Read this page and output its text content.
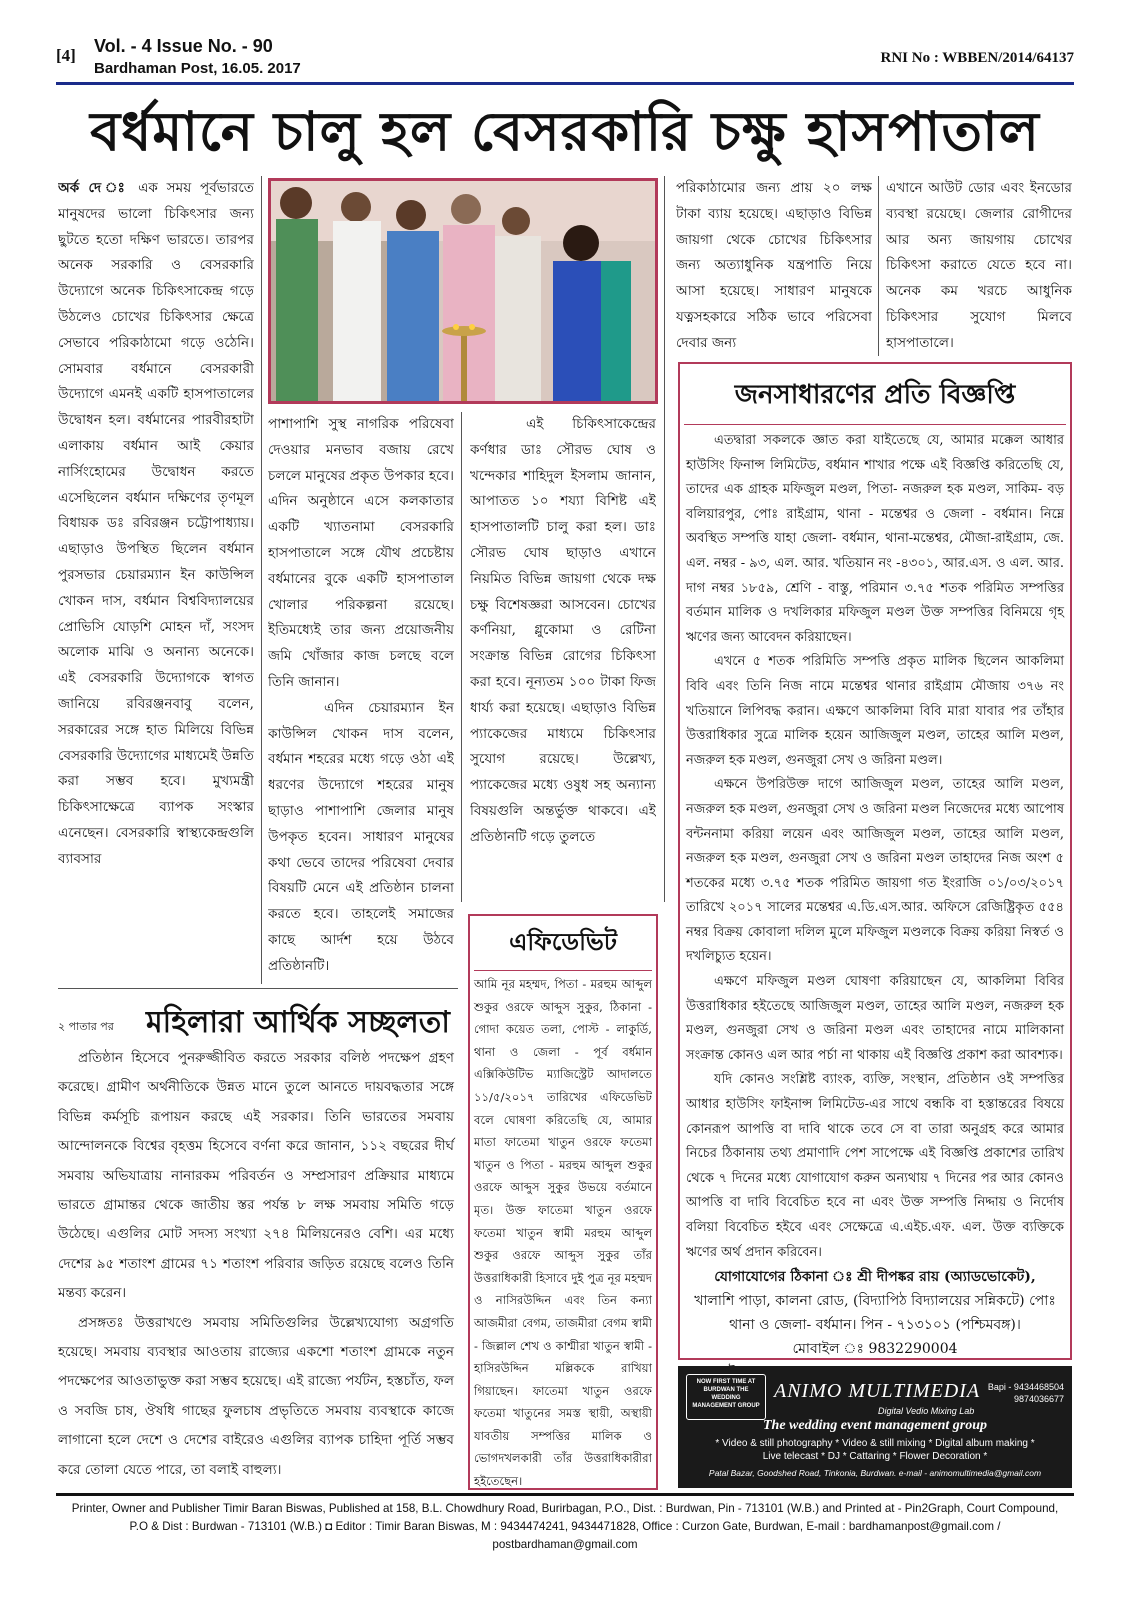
[4] Vol. - 4 Issue No. - 90
Bardhaman Post, 16.05. 2017
RNI No : WBBEN/2014/64137
বর্ধমানে চালু হল বেসরকারি চক্ষু হাসপাতাল

অর্ক দে ঃ এক সময় পূর্বভারতে মানুষদের ভালো চিকিৎসার জন্য ছুটতে হতো দক্ষিণ ভারতে। তারপর অনেক সরকারি ও বেসরকারি উদ্যোগে অনেক চিকিৎসাকেন্দ্র গড়ে উঠলেও চোখের চিকিৎসার ক্ষেত্রে সেভাবে পরিকাঠামো গড়ে ওঠেনি। সোমবার বর্ধমানে বেসরকারী উদ্যোগে এমনই একটি হাসপাতালের উদ্বোধন হল। বর্ধমানের পারবীরহাটা এলাকায় বর্ধমান আই কেয়ার নার্সিংহোমের উদ্বোধন করতে এসেছিলেন বর্ধমান দক্ষিণের তৃণমূল বিধায়ক ডঃ রবিরঞ্জন চট্টোপাধ্যায়। এছাড়াও উপস্থিত ছিলেন বর্ধমান পুরসভার চেয়ারম্যান ইন কাউন্সিল খোকন দাস, বর্ধমান বিশ্ববিদ্যালয়ের প্রোভিসি যোড়শি মোহন দাঁ, সংসদ অলোক মাঝি ও অনান্য অনেকে। এই বেসরকারি উদ্যোগকে স্বাগত জানিয়ে রবিরঞ্জনবাবু বলেন, সরকারের সঙ্গে হাত মিলিয়ে বিভিন্ন বেসরকারি উদ্যোগের মাধ্যমেই উন্নতি করা সম্ভব হবে। মুখ্যমন্ত্রী চিকিৎসাক্ষেত্রে ব্যাপক সংস্কার এনেছেন। বেসরকারি স্বাস্থ্যকেন্দ্রগুলি ব্যাবসার

পাশাপাশি সুস্থ নাগরিক পরিষেবা দেওয়ার মনভাব বজায় রেখে চললে মানুষের প্রকৃত উপকার হবে। এদিন অনুষ্ঠানে এসে কলকাতার একটি খ্যাতনামা বেসরকারি হাসপাতালে সঙ্গে যৌথ প্রচেষ্টায় বর্ধমানের বুকে একটি হাসপাতাল খোলার পরিকল্পনা রয়েছে। ইতিমধ্যেই তার জন্য প্রয়োজনীয় জমি খোঁজার কাজ চলছে বলে তিনি জানান।

এদিন চেয়ারম্যান ইন কাউন্সিল খোকন দাস বলেন, বর্ধমান শহরের মধ্যে গড়ে ওঠা এই ধরণের উদ্যোগে শহরের মানুষ ছাড়াও পাশাপাশি জেলার মানুষ উপকৃত হবেন। সাধারণ মানুষের কথা ভেবে তাদের পরিষেবা দেবার বিষয়টি মেনে এই প্রতিষ্ঠান চালনা করতে হবে। তাহলেই সমাজের কাছে আর্দশ হয়ে উঠবে প্রতিষ্ঠানটি।

এই চিকিৎসাকেন্দ্রের কর্ণধার ডাঃ সৌরভ ঘোষ ও খন্দেকার শাহিদুল ইসলাম জানান, আপাতত ১০ শয্যা বিশিষ্ট এই হাসপাতালটি চালু করা হল। ডাঃ সৌরভ ঘোষ ছাড়াও এখানে নিয়মিত বিভিন্ন জায়গা থেকে দক্ষ চক্ষু বিশেষজ্ঞরা আসবেন। চোখের কর্ণনিয়া, গ্লুকোমা ও রেটিনা সংক্রান্ত বিভিন্ন রোগের চিকিৎসা করা হবে। নূন্যতম ১০০ টাকা ফিজ ধার্য্য করা হয়েছে। এছাড়াও বিভিন্ন প্যাকেজের মাধ্যমে চিকিৎসার সুযোগ রয়েছে। উল্লেখ্য, প্যাকেজের মধ্যে ওষুধ সহ অন্যান্য বিষয়গুলি অন্তর্ভুক্ত থাকবে। এই প্রতিষ্ঠানটি গড়ে তুলতে

পরিকাঠামোর জন্য প্রায় ২০ লক্ষ টাকা ব্যায় হয়েছে। এছাড়াও বিভিন্ন জায়গা থেকে চোখের চিকিৎসার জন্য অত্যাধুনিক যন্ত্রপাতি নিয়ে আসা হয়েছে। সাধারণ মানুষকে যত্নসহকারে সঠিক ভাবে পরিসেবা দেবার জন্য

এখানে আউট ডোর এবং ইনডোর ব্যবস্থা রয়েছে। জেলার রোগীদের আর অন্য জায়গায় চোখের চিকিৎসা করাতে যেতে হবে না। অনেক কম খরচে আধুনিক চিকিৎসার সুযোগ মিলবে হাসপাতালে।

জনসাধারণের প্রতি বিজ্ঞপ্তি

এতদ্বারা সকলকে জ্ঞাত করা যাইতেছে যে, আমার মক্কেল আধার হাউসিং ফিনান্স লিমিটেড, বর্ধমান শাখার পক্ষে এই বিজ্ঞপ্তি করিতেছি যে, তাদের এক গ্রাহক মফিজুল মণ্ডল, পিতা- নজরুল হক মণ্ডল, সাকিম- বড় বলিয়ারপুর, পোঃ রাইগ্রাম, থানা - মন্তেশ্বর ও জেলা - বর্ধমান। নিম্নে অবস্থিত সম্পত্তি যাহা জেলা- বর্ধমান, থানা-মন্তেশ্বর, মৌজা-রাইগ্রাম, জে. এল. নম্বর - ৯৩, এল. আর. খতিয়ান নং -৪৩০১, আর.এস. ও এল. আর. দাগ নম্বর ১৮৫৯, শ্রেণি - বাস্তু, পরিমান ৩.৭৫ শতক পরিমিত সম্পত্তির বর্তমান মালিক ও দখলিকার মফিজুল মণ্ডল উক্ত সম্পত্তির বিনিময়ে গৃহ ঋণের জন্য আবেদন করিয়াছেন।

এখনে ৫ শতক পরিমিতি সম্পত্তি প্রকৃত মালিক ছিলেন আকলিমা বিবি এবং তিনি নিজ নামে মন্তেশ্বর থানার রাইগ্রাম মৌজায় ৩৭৬ নং খতিয়ানে লিপিবদ্ধ করান। এক্ষণে আকলিমা বিবি মারা যাবার পর তাঁহার উত্তরাধিকার সুত্রে মালিক হয়েন আজিজুল মণ্ডল, তাহের আলি মণ্ডল, নজরুল হক মণ্ডল, গুনজুরা সেখ ও জরিনা মণ্ডল।

এক্ষনে উপরিউক্ত দাগে আজিজুল মণ্ডল, তাহের আলি মণ্ডল, নজরুল হক মণ্ডল, গুনজুরা সেখ ও জরিনা মণ্ডল নিজেদের মধ্যে আপোষ বন্টননামা করিয়া লয়েন এবং আজিজুল মণ্ডল, তাহের আলি মণ্ডল, নজরুল হক মণ্ডল, গুনজুরা সেখ ও জরিনা মণ্ডল তাহাদের নিজ অংশ ৫ শতকের মধ্যে ৩.৭৫ শতক পরিমিত জায়গা গত ইংরাজি ০১/০৩/২০১৭ তারিখে ২০১৭ সালের মন্তেশ্বর এ.ডি.এস.আর. অফিসে রেজিষ্ট্রিকৃত ৫৫৪ নম্বর বিক্রয় কোবালা দলিল মুলে মফিজুল মণ্ডলকে বিক্রয় করিয়া নিস্বর্ত ও দখলিচ্যুত হয়েন।

এক্ষণে মফিজুল মণ্ডল ঘোষণা করিয়াছেন যে, আকলিমা বিবির উত্তরাধিকার হইতেছে আজিজুল মণ্ডল, তাহের আলি মণ্ডল, নজরুল হক মণ্ডল, গুনজুরা সেখ ও জরিনা মণ্ডল এবং তাহাদের নামে মালিকানা সংক্রান্ত কোনও এল আর পর্চা না থাকায় এই বিজ্ঞপ্তি প্রকাশ করা আবশ্যক।

যদি কোনও সংশ্লিষ্ট ব্যাংক, ব্যক্তি, সংস্থান, প্রতিষ্ঠান ওই সম্পত্তির আধার হাউসিং ফাইনান্স লিমিটেড-এর সাথে বন্ধকি বা হস্তান্তরের বিষয়ে কোনরূপ আপত্তি বা দাবি থাকে তবে সে বা তারা অনুগ্রহ করে আমার নিচের ঠিকানায় তথ্য প্রমাণাদি পেশ সাপেক্ষে এই বিজ্ঞপ্তি প্রকাশের তারিখ থেকে ৭ দিনের মধ্যে যোগাযোগ করুন অন্যথায় ৭ দিনের পর আর কোনও আপত্তি বা দাবি বিবেচিত হবে না এবং উক্ত সম্পত্তি নিদ্দায় ও নির্দোষ বলিয়া বিবেচিত হইবে এবং সেক্ষেত্রে এ.এইচ.এফ. এল. উক্ত ব্যক্তিকে ঋণের অর্থ প্রদান করিবেন।

যোগাযোগের ঠিকানা ঃ শ্রী দীপঙ্কর রায় (অ্যাডভোকেট),
খালাশি পাড়া, কালনা রোড, (বিদ্যাপিঠ বিদ্যালয়ের সন্নিকটে) পোঃ
থানা ও জেলা- বর্ধমান। পিন - ৭১৩১০১ (পশ্চিমবঙ্গ)।
মোবাইল ঃ 9832290004
এফিডেভিট
আমি নূর মহম্মদ, পিতা - মরহুম আব্দুল শুকুর ওরফে আব্দুস সুকুর, ঠিকানা - গোদা কয়েত তলা, পোস্ট - লাকুর্ডি, থানা ও জেলা - পূর্ব বর্ধমান এক্সিকিউটিভ ম্যাজিস্ট্রেট আদালতে ১১/৫/২০১৭ তারিখের এফিডেভিট বলে ঘোষণা করিতেছি যে, আমার মাতা ফাতেমা খাতুন ওরফে ফতেমা খাতুন ও পিতা - মরহুম আব্দুল শুকুর ওরফে আব্দুস সুকুর উভয়ে বর্তমানে মৃত। উক্ত ফাতেমা খাতুন ওরফে ফতেমা খাতুন স্বামী মরহুম আব্দুল শুকুর ওরফে আব্দুস সুকুর তাঁর উত্তরাধিকারী হিসাবে দুই পুত্র নূর মহম্মদ ও নাসিরউদ্দিন এবং তিন কন্যা আজমীরা বেগম, তাজমীরা বেগম স্বামী - জিল্লাল শেখ ও কাশ্মীরা খাতুন স্বামী - হাসিরউদ্দিন মল্লিককে রাখিয়া গিয়াছেন। ফাতেমা খাতুন ওরফে ফতেমা খাতুনের সমস্ত স্থায়ী, অস্থায়ী যাবতীয় সম্পত্তির মালিক ও ভোগদখলকারী তাঁর উত্তরাধিকারীরা হইতেছেন।
২ পাতার পর মহিলারা আর্থিক সচ্ছলতা

প্রতিষ্ঠান হিসেবে পুনরুজ্জীবিত করতে সরকার বলিষ্ঠ পদক্ষেপ গ্রহণ করেছে। গ্রামীণ অর্থনীতিকে উন্নত মানে তুলে আনতে দায়বদ্ধতার সঙ্গে বিভিন্ন কর্মসূচি রূপায়ন করছে এই সরকার। তিনি ভারতের সমবায় আন্দোলনকে বিশ্বের বৃহত্তম হিসেবে বর্ণনা করে জানান, ১১২ বছরের দীর্ঘ সমবায় অভিযাত্রায় নানারকম পরিবর্তন ও সম্প্রসারণ প্রক্রিয়ার মাধ্যমে ভারতে গ্রামান্তর থেকে জাতীয় স্তর পর্যন্ত ৮ লক্ষ সমবায় সমিতি গড়ে উঠেছে। এগুলির মোট সদস্য সংখ্যা ২৭৪ মিলিয়নেরও বেশি। এর মধ্যে দেশের ৯৫ শতাংশ গ্রামের ৭১ শতাংশ পরিবার জড়িত রয়েছে বলেও তিনি মন্তব্য করেন।

প্রসঙ্গতঃ উত্তরাখণ্ডে সমবায় সমিতিগুলির উল্লেখ্যযোগ্য অগ্রগতি হয়েছে। সমবায় ব্যবস্থার আওতায় রাজ্যের একশো শতাংশ গ্রামকে নতুন পদক্ষেপের আওতাভুক্ত করা সম্ভব হয়েছে। এই রাজ্যে পর্যটন, হস্তচাঁত, ফল ও সবজি চাষ, ঔষধি গাছের ফুলচাষ প্রভৃতিতে সমবায় ব্যবস্থাকে কাজে লাগানো হলে দেশে ও দেশের বাইরেও এগুলির ব্যাপক চাহিদা পূর্তি সম্ভব করে তোলা যেতে পারে, তা বলাই বাহুল্য।

NOW FIRST TIME AT BURDWAN THE WEDDING MANAGEMENT GROUP
ANIMO MULTIMEDIA Bapi - 9434468504
9874036677
Digital Vedio Mixing Lab
The wedding event management group
* Video & still photography * Video & still mixing * Digital album making *
Live telecast * DJ * Cattaring * Flower Decoration *
Patal Bazar, Goodshed Road, Tinkonia, Burdwan. e-mail - animomultimedia@gmail.com
Printer, Owner and Publisher Timir Baran Biswas, Published at 158, B.L. Chowdhury Road, Burirbagan, P.O., Dist. : Burdwan, Pin - 713101 (W.B.) and Printed at - Pin2Graph, Court Compound,
P.O & Dist : Burdwan - 713101 (W.B.) ◘ Editor : Timir Baran Biswas, M : 9434474241, 9434471828, Office : Curzon Gate, Burdwan, E-mail : bardhamanpost@gmail.com / postbardhaman@gmail.com
